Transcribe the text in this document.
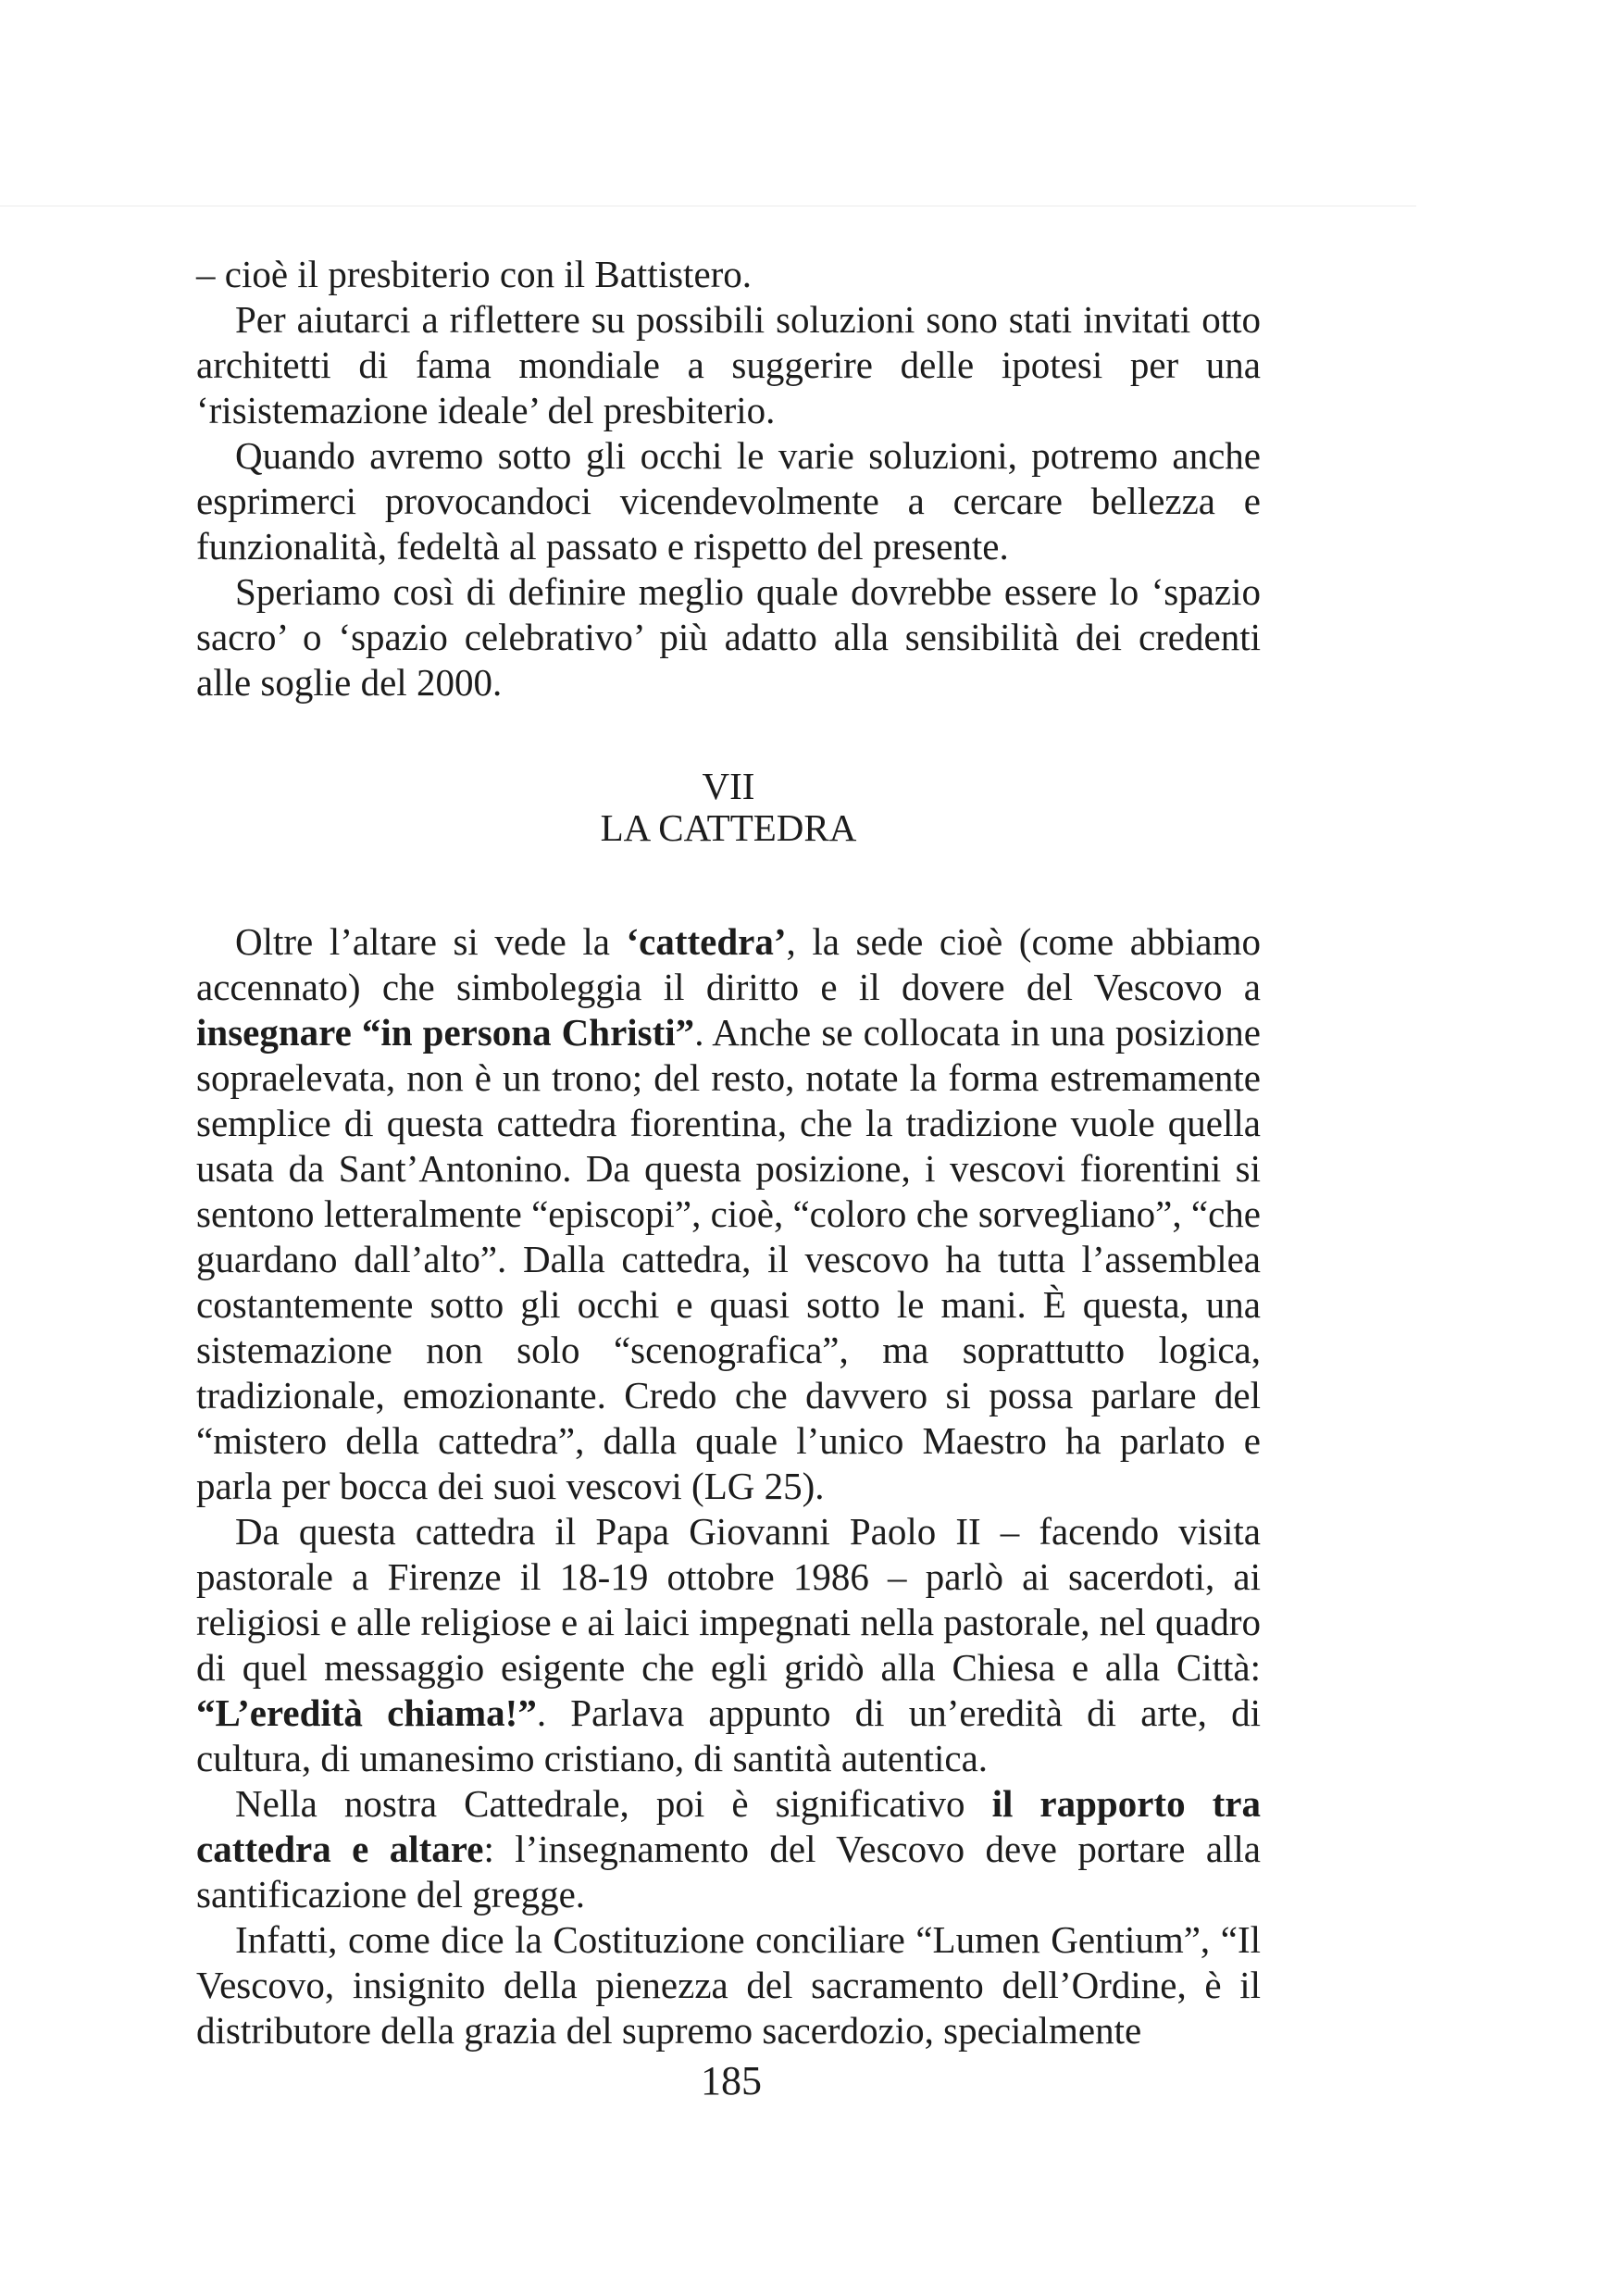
– cioè il presbiterio con il Battistero.

Per aiutarci a riflettere su possibili soluzioni sono stati invitati otto architetti di fama mondiale a suggerire delle ipotesi per una ‘risistemazione ideale’ del presbiterio.

Quando avremo sotto gli occhi le varie soluzioni, potremo anche esprimerci provocandoci vicendevolmente a cercare bellezza e funzionalità, fedeltà al passato e rispetto del presente.

Speriamo così di definire meglio quale dovrebbe essere lo ‘spazio sacro’ o ‘spazio celebrativo’ più adatto alla sensibilità dei credenti alle soglie del 2000.

VII
LA CATTEDRA

Oltre l’altare si vede la ‘cattedra’, la sede cioè (come abbiamo accennato) che simboleggia il diritto e il dovere del Vescovo a insegnare “in persona Christi”. Anche se collocata in una posizione sopraelevata, non è un trono; del resto, notate la forma estremamente semplice di questa cattedra fiorentina, che la tradizione vuole quella usata da Sant’Antonino. Da questa posizione, i vescovi fiorentini si sentono letteralmente “episcopi”, cioè, “coloro che sorvegliano”, “che guardano dall’alto”. Dalla cattedra, il vescovo ha tutta l’assemblea costantemente sotto gli occhi e quasi sotto le mani. È questa, una sistemazione non solo “scenografica”, ma soprattutto logica, tradizionale, emozionante. Credo che davvero si possa parlare del “mistero della cattedra”, dalla quale l’unico Maestro ha parlato e parla per bocca dei suoi vescovi (LG 25).

Da questa cattedra il Papa Giovanni Paolo II – facendo visita pastorale a Firenze il 18-19 ottobre 1986 – parlò ai sacerdoti, ai religiosi e alle religiose e ai laici impegnati nella pastorale, nel quadro di quel messaggio esigente che egli gridò alla Chiesa e alla Città: “L’eredità chiama!”. Parlava appunto di un’eredità di arte, di cultura, di umanesimo cristiano, di santità autentica.

Nella nostra Cattedrale, poi è significativo il rapporto tra cattedra e altare: l’insegnamento del Vescovo deve portare alla santificazione del gregge.

Infatti, come dice la Costituzione conciliare “Lumen Gentium”, “Il Vescovo, insignito della pienezza del sacramento dell’Ordine, è il distributore della grazia del supremo sacerdozio, specialmente

185
